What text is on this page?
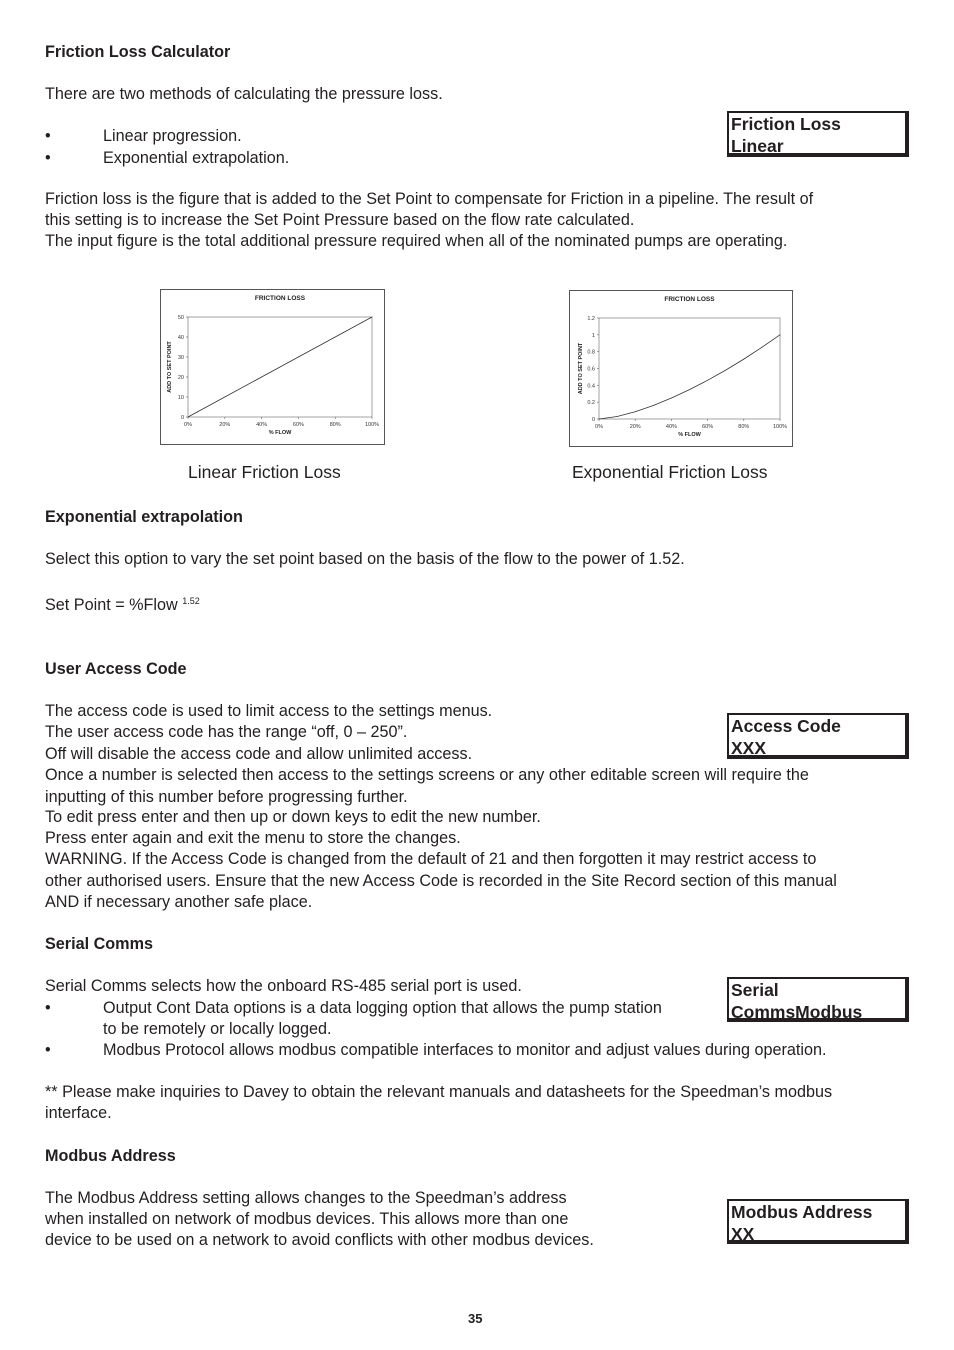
Friction Loss Calculator
There are two methods of calculating the pressure loss.
•	Linear progression.
•	Exponential extrapolation.
Friction Loss
Linear
Friction loss is the figure that is added to the Set Point to compensate for Friction in a pipeline. The result of
this setting is to increase the Set Point Pressure based on the flow rate calculated.
The input figure is the total additional pressure required when all of the nominated pumps are operating.
FRICTION LOSS
0
10
20
30
40
50
0%	20%	40%	60%	80%	100%
% FLOW
ADD TO SET POINT
FRICTION LOSS
0
0.2
0.4
0.6
0.8
1
1.2
0%	20%	40%	60%	80%	100%
% FLOW
ADD TO SET POINT
Linear Friction Loss	Exponential Friction Loss
Exponential extrapolation
Select this option to vary the set point based on the basis of the flow to the power of 1.52.
Set Point = %Flow $^{1.52}$
User Access Code
The access code is used to limit access to the settings menus.
The user access code has the range “off, 0 – 250”.
Off will disable the access code and allow unlimited access.
Once a number is selected then access to the settings screens or any other editable screen will require the
inputting of this number before progressing further.
To edit press enter and then up or down keys to edit the new number.
Press enter again and exit the menu to store the changes.
WARNING. If the Access Code is changed from the default of 21 and then forgotten it may restrict access to
other authorised users. Ensure that the new Access Code is recorded in the Site Record section of this manual
AND if necessary another safe place.
Access Code
XXX
Serial Comms
Serial Comms selects how the onboard RS-485 serial port is used.
•	Output Cont Data options is a data logging option that allows the pump station
to be remotely or locally logged.
•	Modbus Protocol allows modbus compatible interfaces to monitor and adjust values during operation.
** Please make inquiries to Davey to obtain the relevant manuals and datasheets for the Speedman’s modbus
interface.
Serial
CommsModbus
Modbus Address
The Modbus Address setting allows changes to the Speedman’s address
when installed on network of modbus devices. This allows more than one
device to be used on a network to avoid conflicts with other modbus devices.
Modbus Address
XX
35
